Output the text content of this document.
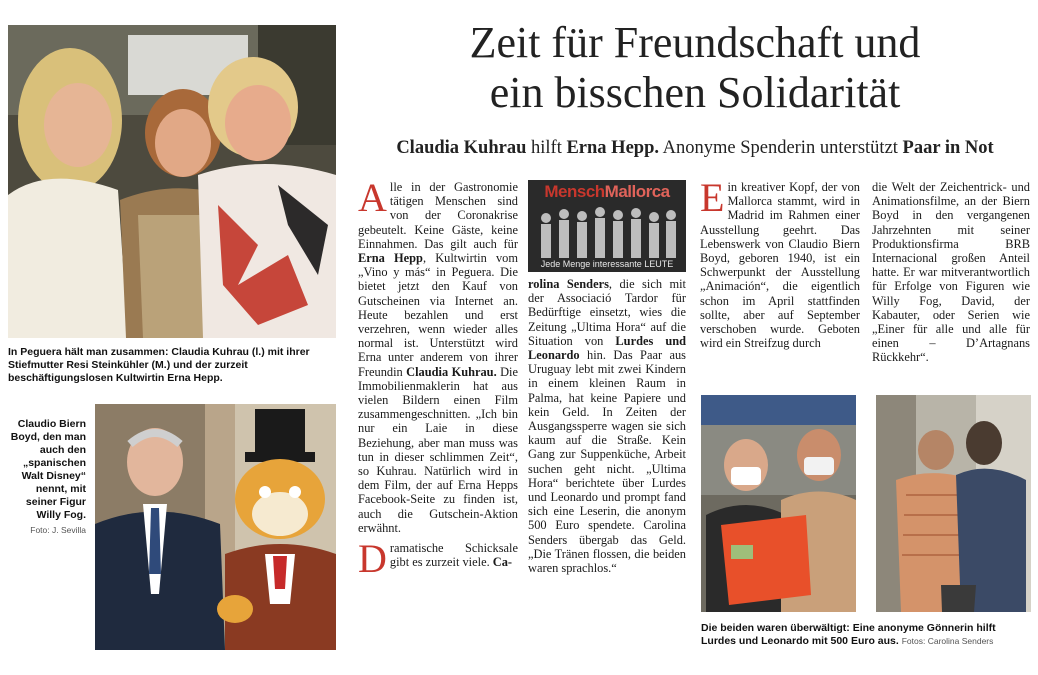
In Peguera hält man zusammen: Claudia Kuhrau (l.) mit ihrer Stiefmutter Resi Steinkühler (M.) und der zurzeit beschäftigungslosen Kultwirtin Erna Hepp.
Claudio Biern Boyd, den man auch den „spanischen Walt Disney“ nennt, mit seiner Figur Willy Fog.
Foto: J. Sevilla
Zeit für Freundschaft und
ein bisschen Solidarität
Claudia Kuhrau hilft Erna Hepp. Anonyme Spenderin unterstützt Paar in Not

Alle in der Gastronomie tätigen Menschen sind von der Coronakrise gebeutelt. Keine Gäste, keine Einnahmen. Das gilt auch für Erna Hepp, Kultwirtin vom „Vino y más“ in Peguera. Die bietet jetzt den Kauf von Gutscheinen via Internet an. Heute bezahlen und erst verzehren, wenn wieder alles normal ist. Unterstützt wird Erna unter anderem von ihrer Freundin Claudia Kuhrau. Die Immobilienmaklerin hat aus vielen Bildern einen Film zusammengeschnitten. „Ich bin nur ein Laie in diese Beziehung, aber man muss was tun in dieser schlimmen Zeit“, so Kuhrau. Natürlich wird in dem Film, der auf Erna Hepps Facebook-Seite zu finden ist, auch die Gutschein-Aktion erwähnt.

Dramatische Schicksale gibt es zurzeit viele. Ca-

MenschMallorca
Jede Menge interessante LEUTE

rolina Senders, die sich mit der Associació Tardor für Bedürftige einsetzt, wies die Zeitung „Ultima Hora“ auf die Situation von Lurdes und Leonardo hin. Das Paar aus Uruguay lebt mit zwei Kindern in einem kleinen Raum in Palma, hat keine Papiere und kein Geld. In Zeiten der Ausgangssperre wagen sie sich kaum auf die Straße. Kein Gang zur Suppenküche, Arbeit suchen geht nicht. „Ultima Hora“ berichtete über Lurdes und Leonardo und prompt fand sich eine Leserin, die anonym 500 Euro spendete. Carolina Senders übergab das Geld. „Die Tränen flossen, die beiden waren sprachlos.“

Ein kreativer Kopf, der von Mallorca stammt, wird in Madrid im Rahmen einer Ausstellung geehrt. Das Lebenswerk von Claudio Biern Boyd, geboren 1940, ist ein Schwerpunkt der Ausstellung „Animación“, die eigentlich schon im April stattfinden sollte, aber auf September verschoben wurde. Geboten wird ein Streifzug durch

die Welt der Zeichentrick- und Animationsfilme, an der Biern Boyd in den vergangenen Jahrzehnten mit seiner Produktionsfirma BRB Internacional großen Anteil hatte. Er war mitverantwortlich für Erfolge von Figuren wie Willy Fog, David, der Kabauter, oder Serien wie „Einer für alle und alle für einen – D’Artagnans Rückkehr“.

Die beiden waren überwältigt: Eine anonyme Gönnerin hilft Lurdes und Leonardo mit 500 Euro aus. Fotos: Carolina Senders
